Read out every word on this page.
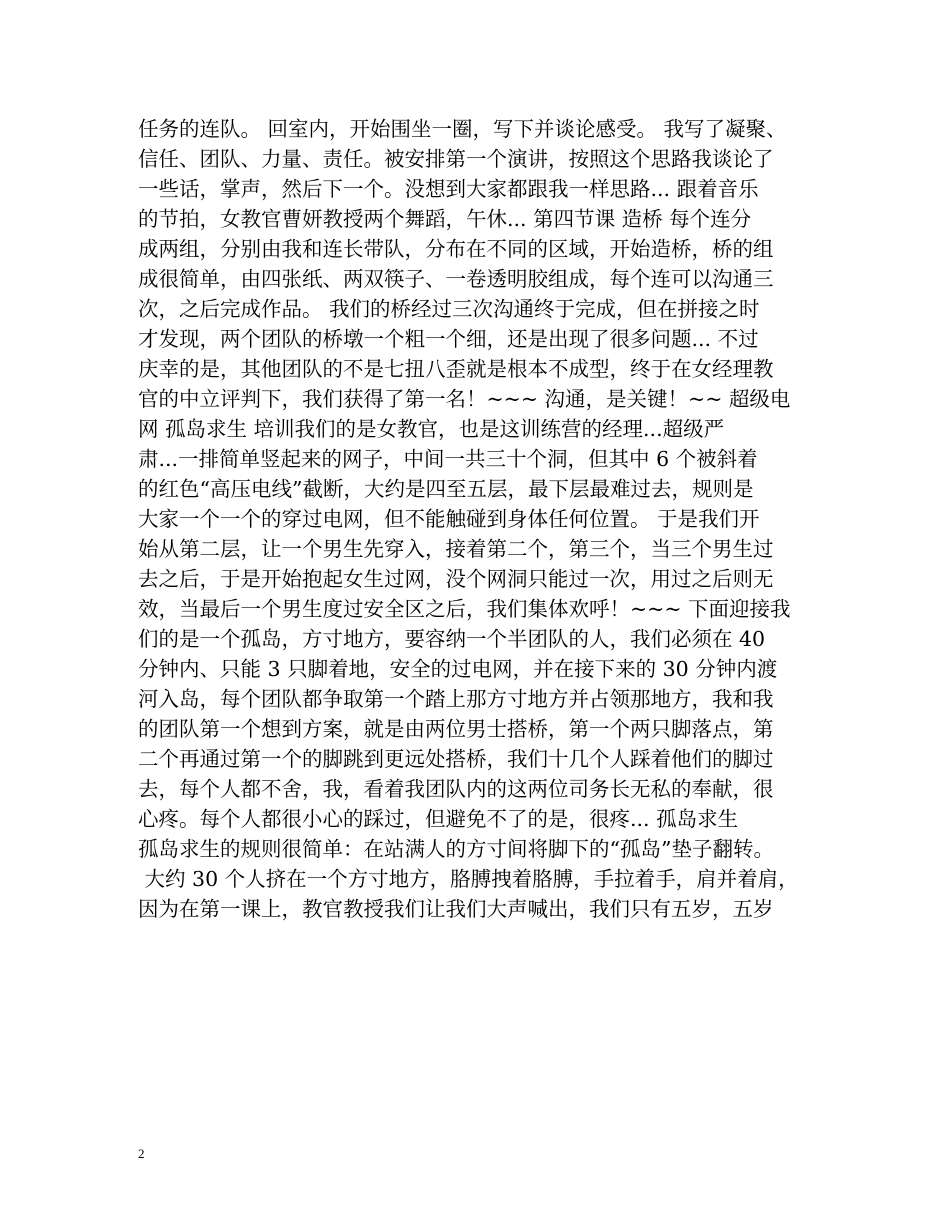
任务的连队。 回室内，开始围坐一圈，写下并谈论感受。 我写了凝聚、
信任、团队、力量、责任。被安排第一个演讲，按照这个思路我谈论了
一些话，掌声，然后下一个。没想到大家都跟我一样思路... 跟着音乐
的节拍，女教官曹妍教授两个舞蹈，午休... 第四节课 造桥 每个连分
成两组，分别由我和连长带队，分布在不同的区域，开始造桥，桥的组
成很简单，由四张纸、两双筷子、一卷透明胶组成，每个连可以沟通三
次，之后完成作品。 我们的桥经过三次沟通终于完成，但在拼接之时
才发现，两个团队的桥墩一个粗一个细，还是出现了很多问题... 不过
庆幸的是，其他团队的不是七扭八歪就是根本不成型，终于在女经理教
官的中立评判下，我们获得了第一名！~~~ 沟通，是关键！~~ 超级电
网 孤岛求生 培训我们的是女教官，也是这训练营的经理...超级严
肃...一排简单竖起来的网子，中间一共三十个洞，但其中 6 个被斜着
的红色“高压电线”截断，大约是四至五层，最下层最难过去，规则是
大家一个一个的穿过电网，但不能触碰到身体任何位置。 于是我们开
始从第二层，让一个男生先穿入，接着第二个，第三个，当三个男生过
去之后，于是开始抱起女生过网，没个网洞只能过一次，用过之后则无
效，当最后一个男生度过安全区之后，我们集体欢呼！~~~ 下面迎接我
们的是一个孤岛，方寸地方，要容纳一个半团队的人，我们必须在 40
分钟内、只能 3 只脚着地，安全的过电网，并在接下来的 30 分钟内渡
河入岛，每个团队都争取第一个踏上那方寸地方并占领那地方，我和我
的团队第一个想到方案，就是由两位男士搭桥，第一个两只脚落点，第
二个再通过第一个的脚跳到更远处搭桥，我们十几个人踩着他们的脚过
去，每个人都不舍，我，看着我团队内的这两位司务长无私的奉献，很
心疼。每个人都很小心的踩过，但避免不了的是，很疼... 孤岛求生
孤岛求生的规则很简单：在站满人的方寸间将脚下的“孤岛”垫子翻转。
大约 30 个人挤在一个方寸地方，胳膊拽着胳膊，手拉着手，肩并着肩，
因为在第一课上，教官教授我们让我们大声喊出，我们只有五岁，五岁
2
